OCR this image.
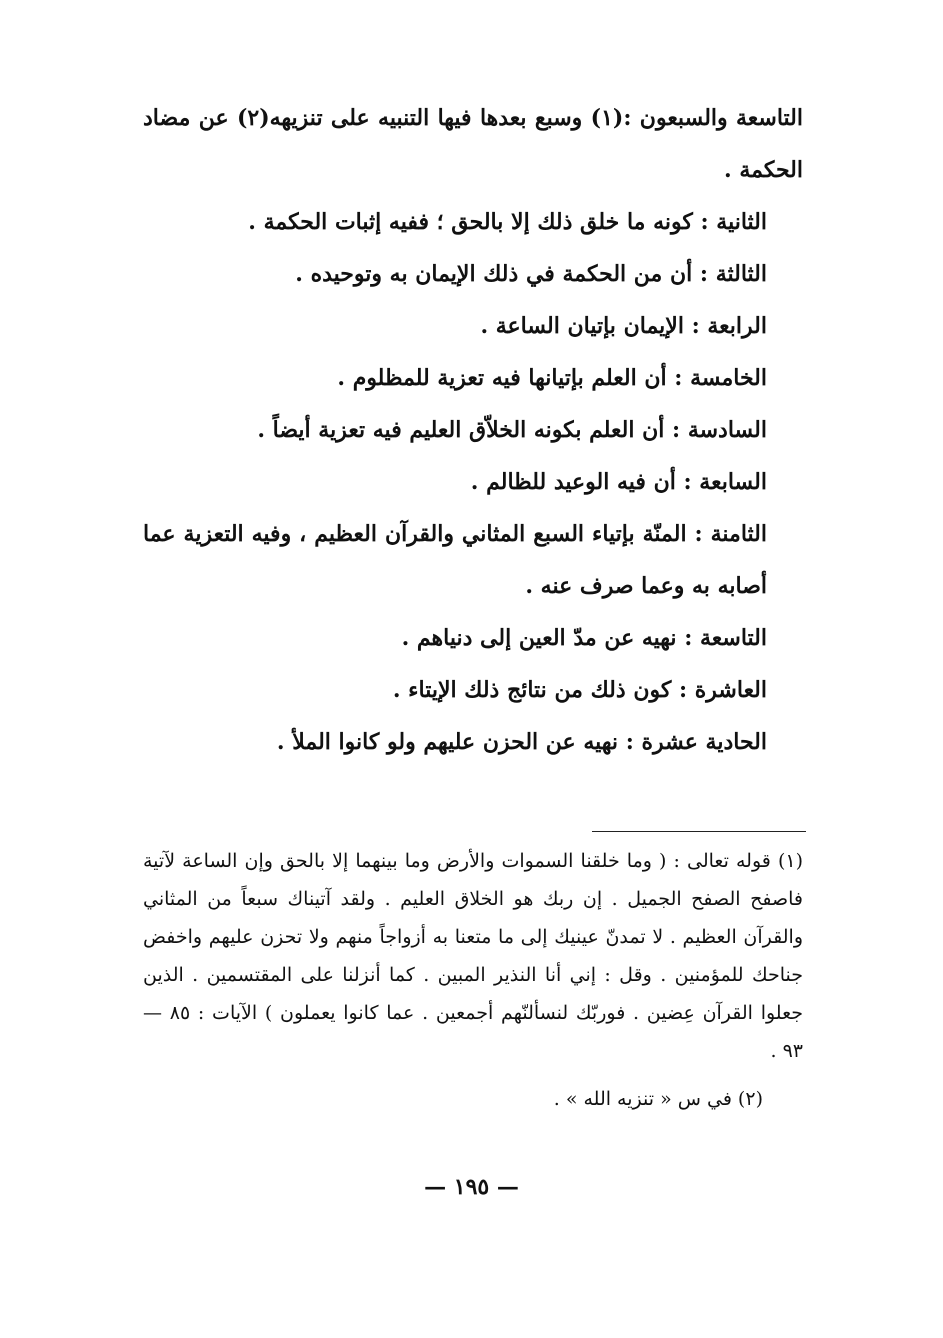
التاسعة والسبعون :(١) وسبع بعدها فيها التنبيه على تنزيهه(٢) عن مضاد الحكمة .

الثانية : كونه ما خلق ذلك إلا بالحق ؛ ففيه إثبات الحكمة .

الثالثة : أن من الحكمة في ذلك الإيمان به وتوحيده .

الرابعة : الإيمان بإتيان الساعة .

الخامسة : أن العلم بإتيانها فيه تعزية للمظلوم .

السادسة : أن العلم بكونه الخلاّق العليم فيه تعزية أيضاً .

السابعة : أن فيه الوعيد للظالم .

الثامنة : المنّة بإتياء السبع المثاني والقرآن العظيم ، وفيه التعزية عما أصابه به وعما صرف عنه .

التاسعة : نهيه عن مدّ العين إلى دنياهم .

العاشرة : كون ذلك من نتائج ذلك الإيتاء .

الحادية عشرة : نهيه عن الحزن عليهم ولو كانوا الملأ .

(١) قوله تعالى : ( وما خلقنا السموات والأرض وما بينهما إلا بالحق وإن الساعة لآتية فاصفح الصفح الجميل . إن ربك هو الخلاق العليم . ولقد آتيناك سبعاً من المثاني والقرآن العظيم . لا تمدنّ عينيك إلى ما متعنا به أزواجاً منهم ولا تحزن عليهم واخفض جناحك للمؤمنين . وقل : إني أنا النذير المبين . كما أنزلنا على المقتسمين . الذين جعلوا القرآن عِضين . فوربّك لنسألنّهم أجمعين . عما كانوا يعملون ) الآيات : ٨٥ — ٩٣ .

(٢) في س « تنزيه الله » .

— ١٩٥ —
